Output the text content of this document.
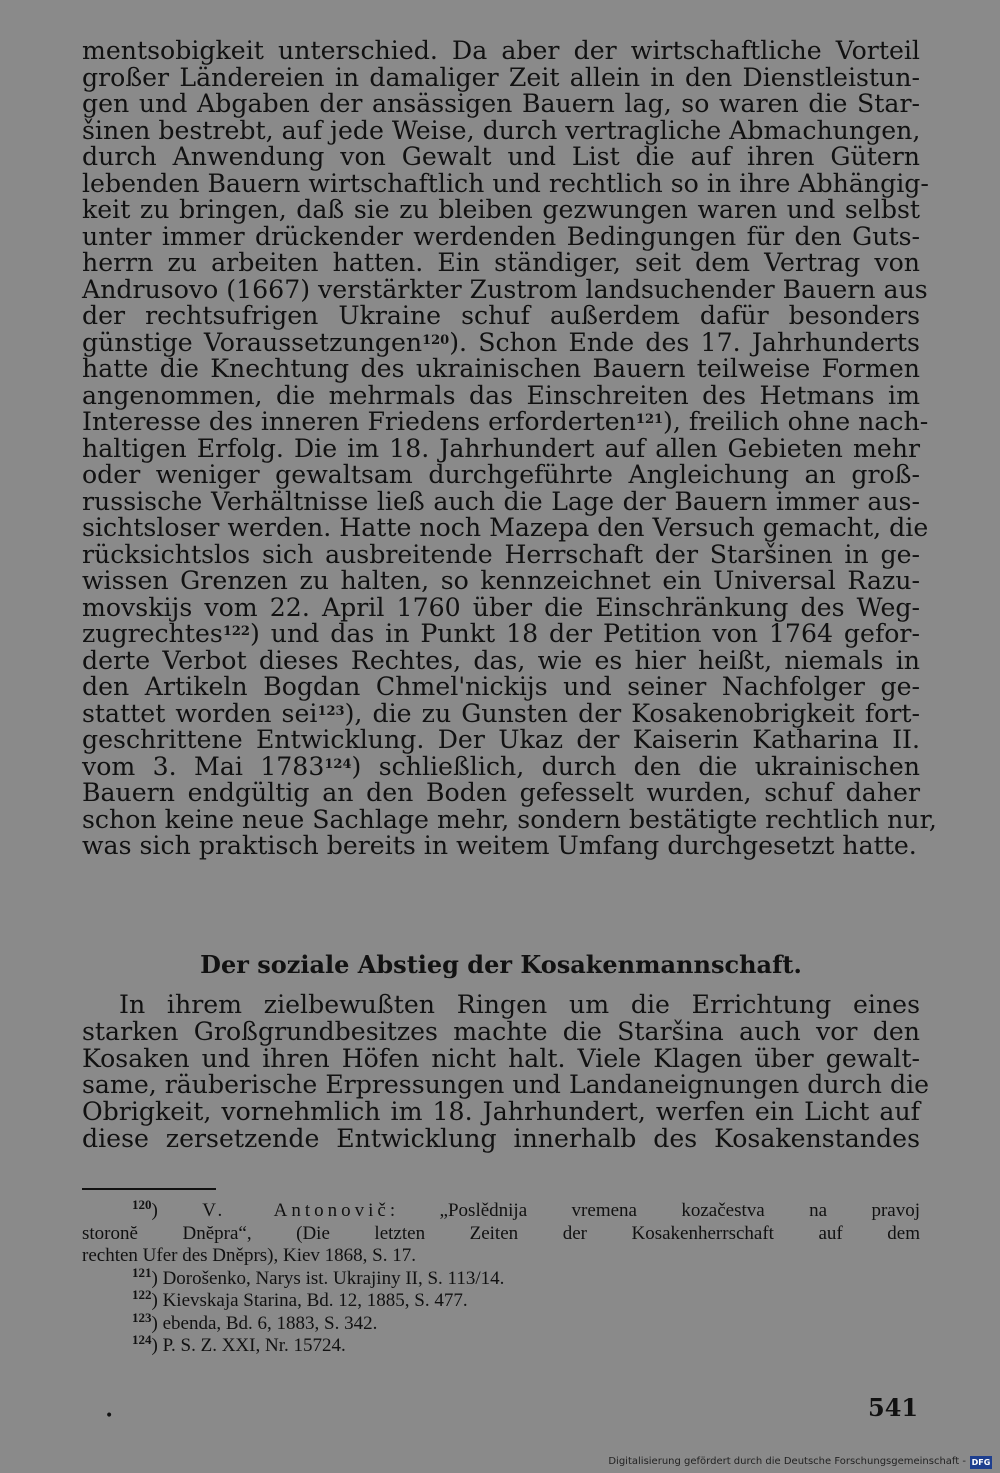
mentsobigkeit unterschied. Da aber der wirtschaftliche Vorteil

großer Ländereien in damaliger Zeit allein in den Dienstleistun-

gen und Abgaben der ansässigen Bauern lag, so waren die Star-

šinen bestrebt, auf jede Weise, durch vertragliche Abmachungen,

durch Anwendung von Gewalt und List die auf ihren Gütern

lebenden Bauern wirtschaftlich und rechtlich so in ihre Abhängig-

keit zu bringen, daß sie zu bleiben gezwungen waren und selbst

unter immer drückender werdenden Bedingungen für den Guts-

herrn zu arbeiten hatten. Ein ständiger, seit dem Vertrag von

Andrusovo (1667) verstärkter Zustrom landsuchender Bauern aus

der rechtsufrigen Ukraine schuf außerdem dafür besonders

günstige Voraussetzungen$^{120}$). Schon Ende des 17. Jahrhunderts

hatte die Knechtung des ukrainischen Bauern teilweise Formen

angenommen, die mehrmals das Einschreiten des Hetmans im

Interesse des inneren Friedens erforderten$^{121}$), freilich ohne nach-

haltigen Erfolg. Die im 18. Jahrhundert auf allen Gebieten mehr

oder weniger gewaltsam durchgeführte Angleichung an groß-

russische Verhältnisse ließ auch die Lage der Bauern immer aus-

sichtsloser werden. Hatte noch Mazepa den Versuch gemacht, die

rücksichtslos sich ausbreitende Herrschaft der Staršinen in ge-

wissen Grenzen zu halten, so kennzeichnet ein Universal Razu-

movskijs vom 22. April 1760 über die Einschränkung des Weg-

zugrechtes$^{122}$) und das in Punkt 18 der Petition von 1764 gefor-

derte Verbot dieses Rechtes, das, wie es hier heißt, niemals in

den Artikeln Bogdan Chmel'nickijs und seiner Nachfolger ge-

stattet worden sei$^{123}$), die zu Gunsten der Kosakenobrigkeit fort-

geschrittene Entwicklung. Der Ukaz der Kaiserin Katharina II.

vom 3. Mai 1783$^{124}$) schließlich, durch den die ukrainischen

Bauern endgültig an den Boden gefesselt wurden, schuf daher

schon keine neue Sachlage mehr, sondern bestätigte rechtlich nur,

was sich praktisch bereits in weitem Umfang durchgesetzt hatte.

Der soziale Abstieg der Kosakenmannschaft.

In ihrem zielbewußten Ringen um die Errichtung eines

starken Großgrundbesitzes machte die Staršina auch vor den

Kosaken und ihren Höfen nicht halt. Viele Klagen über gewalt-

same, räuberische Erpressungen und Landaneignungen durch die

Obrigkeit, vornehmlich im 18. Jahrhundert, werfen ein Licht auf

diese zersetzende Entwicklung innerhalb des Kosakenstandes

$^{120}$) V. Antonovič: „Poslědnija vremena kozačestva na pravoj

storonĕ Dnĕpra“, (Die letzten Zeiten der Kosakenherrschaft auf dem

rechten Ufer des Dněprs), Kiev 1868, S. 17.

$^{121}$) Dorošenko, Narys ist. Ukrajiny II, S. 113/14.

$^{122}$) Kievskaja Starina, Bd. 12, 1885, S. 477.

$^{123}$) ebenda, Bd. 6, 1883, S. 342.

$^{124}$) P. S. Z. XXI, Nr. 15724.

•	541
Digitalisierung gefördert durch die Deutsche Forschungsgemeinschaft - DFG
